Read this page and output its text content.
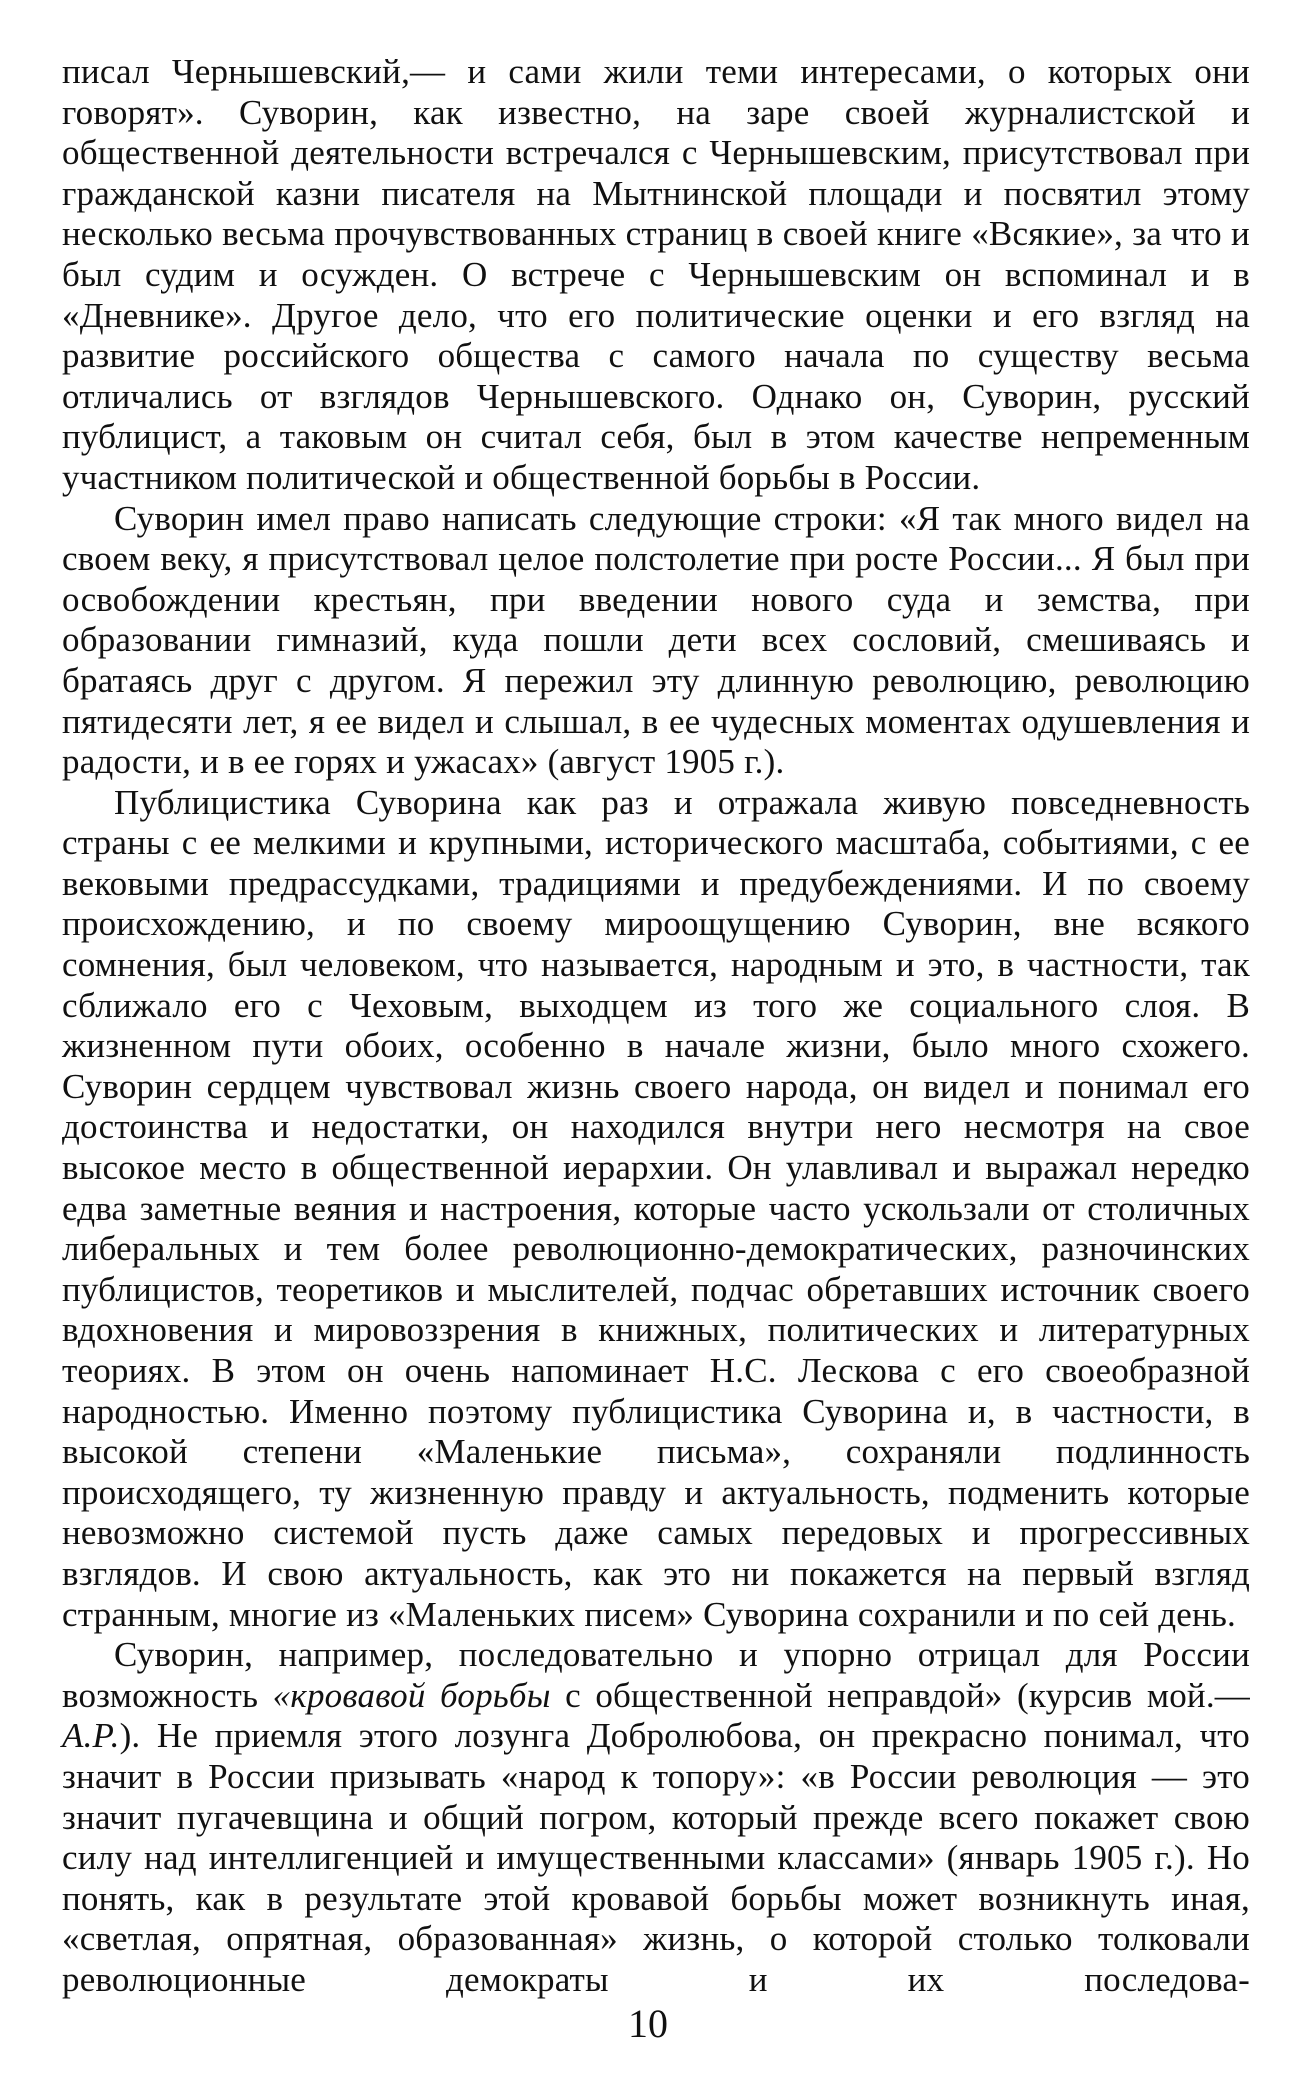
писал Чернышевский,— и сами жили теми интересами, о которых они говорят». Суворин, как известно, на заре своей журналистской и общественной деятельности встречался с Чернышевским, присутствовал при гражданской казни писателя на Мытнинской площади и посвятил этому несколько весьма прочувствованных страниц в своей книге «Всякие», за что и был судим и осужден. О встрече с Чернышевским он вспоминал и в «Дневнике». Другое дело, что его политические оценки и его взгляд на развитие российского общества с самого начала по существу весьма отличались от взглядов Чернышевского. Однако он, Суворин, русский публицист, а таковым он считал себя, был в этом качестве непременным участником политической и общественной борьбы в России.

Суворин имел право написать следующие строки: «Я так много видел на своем веку, я присутствовал целое полстолетие при росте России... Я был при освобождении крестьян, при введении нового суда и земства, при образовании гимназий, куда пошли дети всех сословий, смешиваясь и братаясь друг с другом. Я пережил эту длинную революцию, революцию пятидесяти лет, я ее видел и слышал, в ее чудесных моментах одушевления и радости, и в ее горях и ужасах» (август 1905 г.).

Публицистика Суворина как раз и отражала живую повседневность страны с ее мелкими и крупными, исторического масштаба, событиями, с ее вековыми предрассудками, традициями и предубеждениями. И по своему происхождению, и по своему мироощущению Суворин, вне всякого сомнения, был человеком, что называется, народным и это, в частности, так сближало его с Чеховым, выходцем из того же социального слоя. В жизненном пути обоих, особенно в начале жизни, было много схожего. Суворин сердцем чувствовал жизнь своего народа, он видел и понимал его достоинства и недостатки, он находился внутри него несмотря на свое высокое место в общественной иерархии. Он улавливал и выражал нередко едва заметные веяния и настроения, которые часто ускользали от столичных либеральных и тем более революционно-демократических, разночинских публицистов, теоретиков и мыслителей, подчас обретавших источник своего вдохновения и мировоззрения в книжных, политических и литературных теориях. В этом он очень напоминает Н.С. Лескова с его своеобразной народностью. Именно поэтому публицистика Суворина и, в частности, в высокой степени «Маленькие письма», сохраняли подлинность происходящего, ту жизненную правду и актуальность, подменить которые невозможно системой пусть даже самых передовых и прогрессивных взглядов. И свою актуальность, как это ни покажется на первый взгляд странным, многие из «Маленьких писем» Суворина сохранили и по сей день.

Суворин, например, последовательно и упорно отрицал для России возможность «кровавой борьбы с общественной неправдой» (курсив мой.— А.Р.). Не приемля этого лозунга Добролюбова, он прекрасно понимал, что значит в России призывать «народ к топору»: «в России революция — это значит пугачевщина и общий погром, который прежде всего покажет свою силу над интеллигенцией и имущественными классами» (январь 1905 г.). Но понять, как в результате этой кровавой борьбы может возникнуть иная, «светлая, опрятная, образованная» жизнь, о которой столько толковали революционные демократы и их последова-

10
